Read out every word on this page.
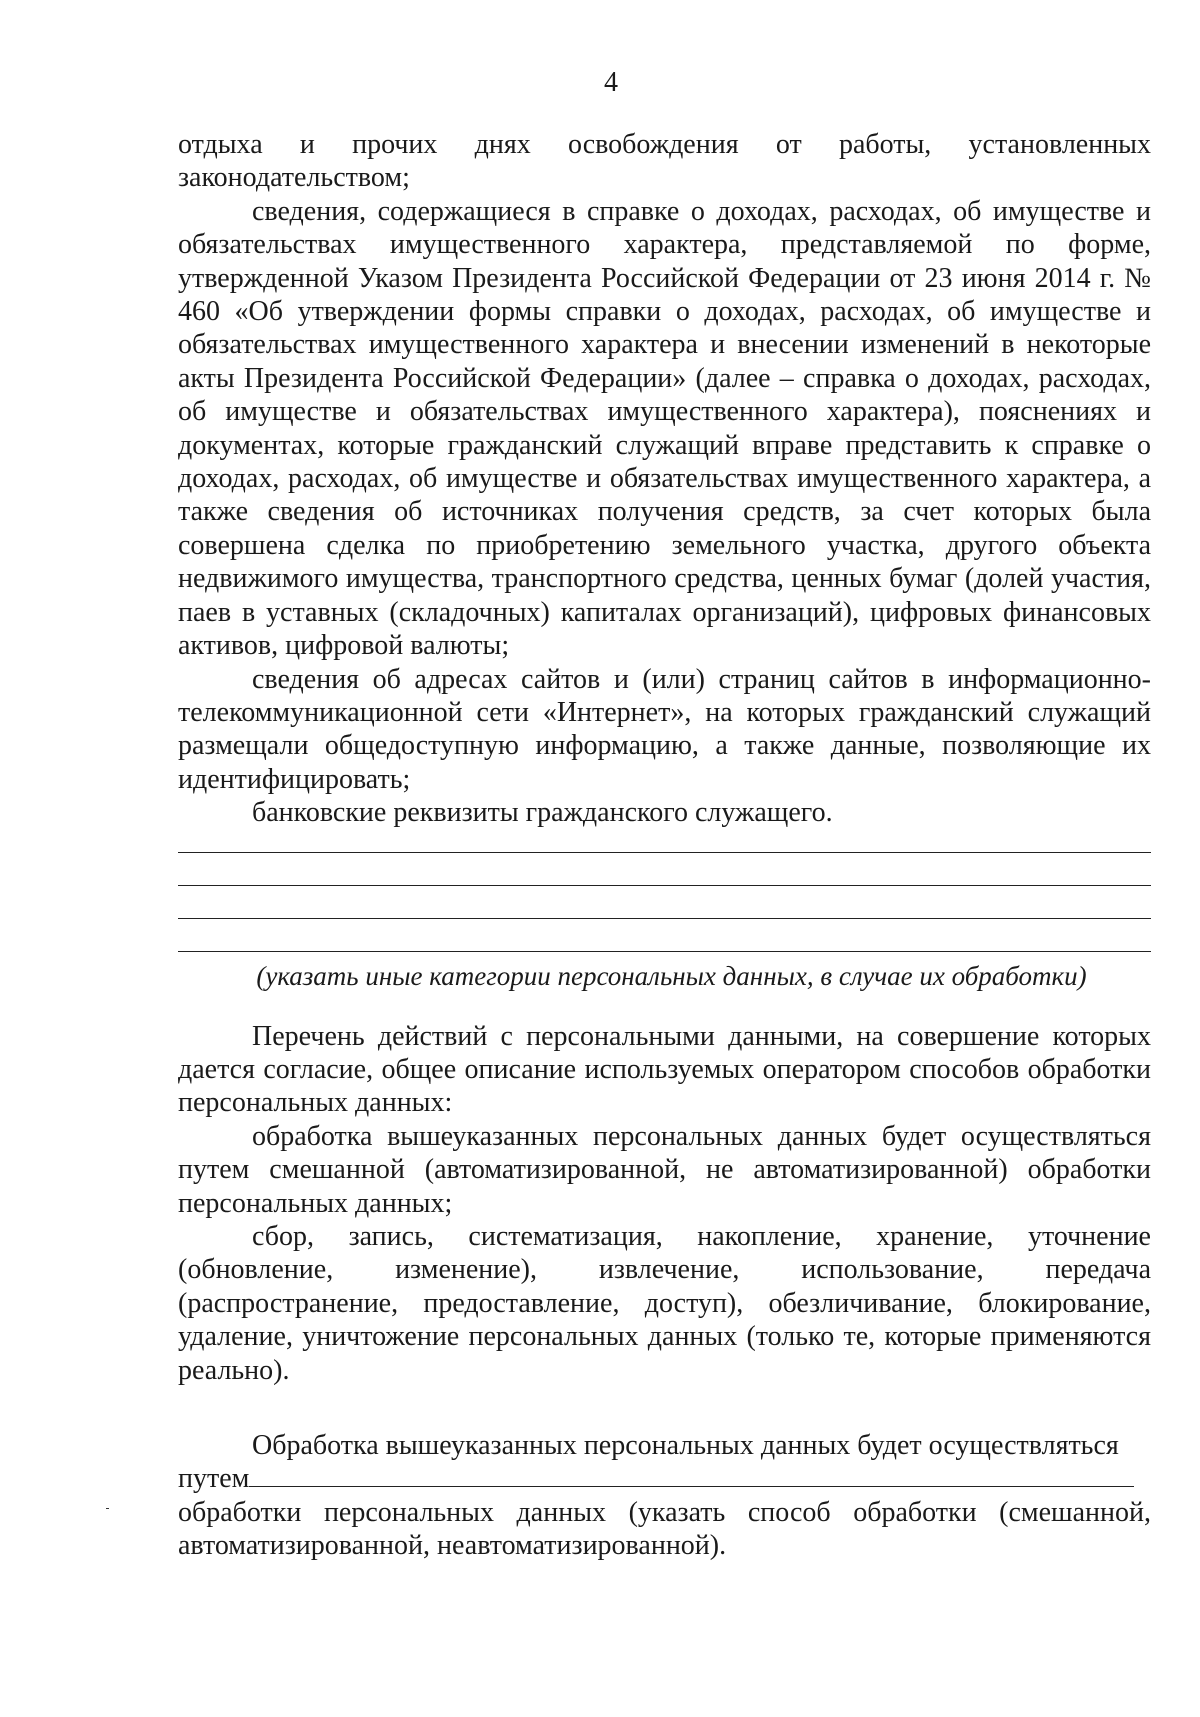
4

отдыха и прочих днях освобождения от работы, установленных законодательством;

сведения, содержащиеся в справке о доходах, расходах, об имуществе и обязательствах имущественного характера, представляемой по форме, утвержденной Указом Президента Российской Федерации от 23 июня 2014 г. № 460 «Об утверждении формы справки о доходах, расходах, об имуществе и обязательствах имущественного характера и внесении изменений в некоторые акты Президента Российской Федерации» (далее – справка о доходах, расходах, об имуществе и обязательствах имущественного характера), пояснениях и документах, которые гражданский служащий вправе представить к справке о доходах, расходах, об имуществе и обязательствах имущественного характера, а также сведения об источниках получения средств, за счет которых была совершена сделка по приобретению земельного участка, другого объекта недвижимого имущества, транспортного средства, ценных бумаг (долей участия, паев в уставных (складочных) капиталах организаций), цифровых финансовых активов, цифровой валюты;

сведения об адресах сайтов и (или) страниц сайтов в информационно-телекоммуникационной сети «Интернет», на которых гражданский служащий размещали общедоступную информацию, а также данные, позволяющие их идентифицировать;

банковские реквизиты гражданского служащего.

(указать иные категории персональных данных, в случае их обработки)

Перечень действий с персональными данными, на совершение которых дается согласие, общее описание используемых оператором способов обработки персональных данных:

обработка вышеуказанных персональных данных будет осуществляться путем смешанной (автоматизированной, не автоматизированной) обработки персональных данных;

сбор, запись, систематизация, накопление, хранение, уточнение (обновление, изменение), извлечение, использование, передача (распространение, предоставление, доступ), обезличивание, блокирование, удаление, уничтожение персональных данных (только те, которые применяются реально).

Обработка вышеуказанных персональных данных будет осуществляться

путем

обработки персональных данных (указать способ обработки (смешанной, автоматизированной, неавтоматизированной).
